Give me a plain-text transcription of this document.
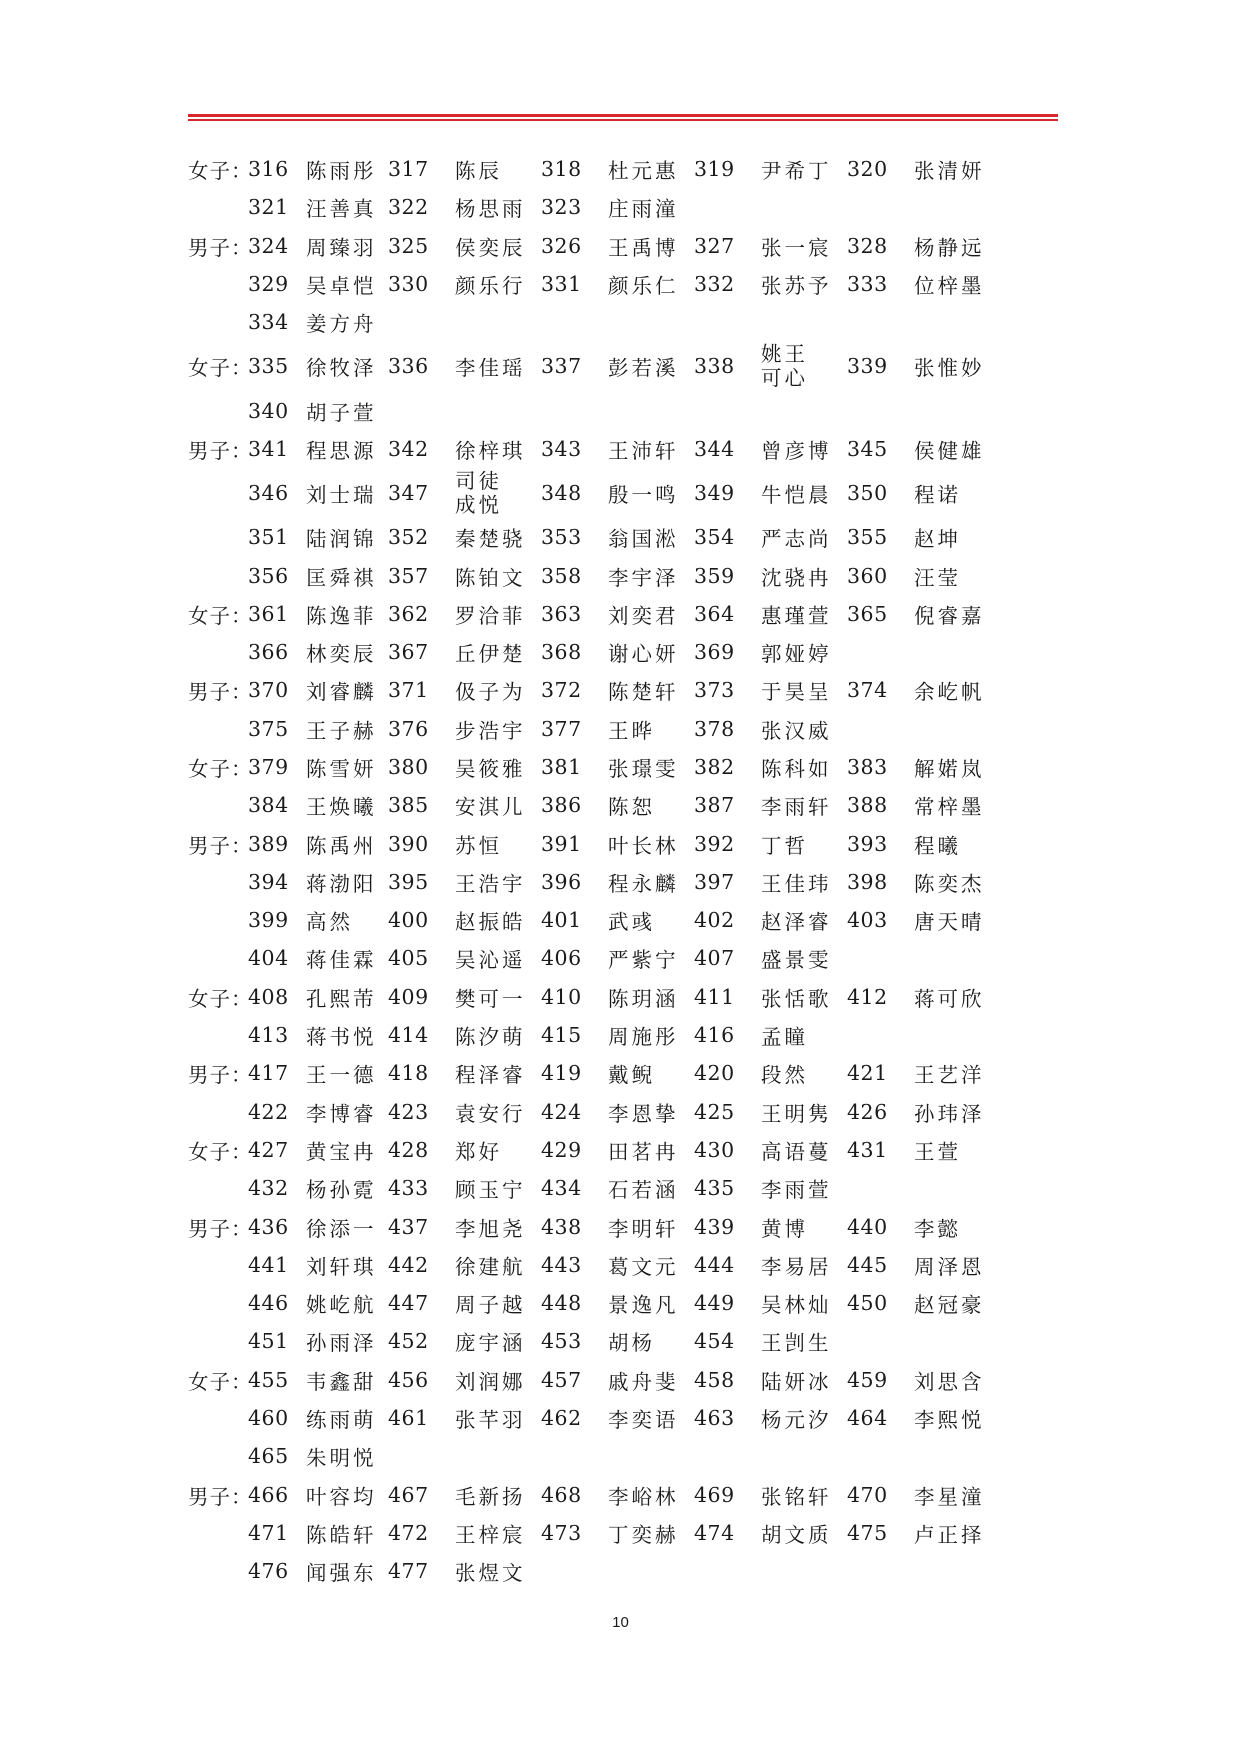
女子：
316 陈雨彤 317 陈辰 318 杜元惠 319 尹希丁 320 张清妍
321 汪善真 322 杨思雨 323 庄雨潼
男子：
324 周臻羽 325 侯奕辰 326 王禹博 327 张一宸 328 杨静远
329 吴卓恺 330 颜乐行 331 颜乐仁 332 张苏予 333 位梓墨
334 姜方舟
女子：
335 徐牧泽 336 李佳瑶 337 彭若溪 338 姚王可心	339 张惟妙
340 胡子萱
男子：
341 程思源 342 徐梓琪 343 王沛轩 344 曾彦博 345 侯健雄
346 刘士瑞 347 司徒成悦	348 殷一鸣 349 牛恺晨 350 程诺
351 陆润锦 352 秦楚骁 353 翁国淞 354 严志尚 355 赵坤
356 匡舜祺 357 陈铂文 358 李宇泽 359 沈骁冉 360 汪莹
女子：
361 陈逸菲 362 罗洽菲 363 刘奕君 364 惠瑾萱 365 倪睿嘉
366 林奕辰 367 丘伊楚 368 谢心妍 369 郭娅婷
男子：
370 刘睿麟 371 伋子为 372 陈楚轩 373 于昊呈 374 余屹帆
375 王子赫 376 步浩宇 377 王晔 378 张汉威
女子：
379 陈雪妍 380 吴筱雅 381 张璟雯 382 陈科如 383 解婼岚
384 王焕曦 385 安淇儿 386 陈恕 387 李雨轩 388 常梓墨
男子：
389 陈禹州 390 苏恒 391 叶长林 392 丁哲 393 程曦
394 蒋渤阳 395 王浩宇 396 程永麟 397 王佳玮 398 陈奕杰
399 高然 400 赵振皓 401 武彧 402 赵泽睿 403 唐天晴
404 蒋佳霖 405 吴沁遥 406 严紫宁 407 盛景雯
女子：
408 孔熙芾 409 樊可一 410 陈玥涵 411 张恬歌 412 蒋可欣
413 蒋书悦 414 陈汐萌 415 周施彤 416 孟瞳
男子：
417 王一德 418 程泽睿 419 戴鲵 420 段然 421 王艺洋
422 李博睿 423 袁安行 424 李恩挚 425 王明隽 426 孙玮泽
女子：
427 黄宝冉 428 郑好 429 田茗冉 430 高语蔓 431 王萱
432 杨孙霓 433 顾玉宁 434 石若涵 435 李雨萱
男子：
436 徐添一 437 李旭尧 438 李明轩 439 黄博 440 李懿
441 刘轩琪 442 徐建航 443 葛文元 444 李易居 445 周泽恩
446 姚屹航 447 周子越 448 景逸凡 449 吴林灿 450 赵冠豪
451 孙雨泽 452 庞宇涵 453 胡杨 454 王剀生
女子：
455 韦鑫甜 456 刘润娜 457 戚舟斐 458 陆妍冰 459 刘思含
460 练雨萌 461 张芊羽 462 李奕语 463 杨元汐 464 李熙悦
465 朱明悦
男子：
466 叶容均 467 毛新扬 468 李峪林 469 张铭轩 470 李星潼
471 陈皓轩 472 王梓宸 473 丁奕赫 474 胡文质 475 卢正择
476 闻强东 477 张煜文
10
